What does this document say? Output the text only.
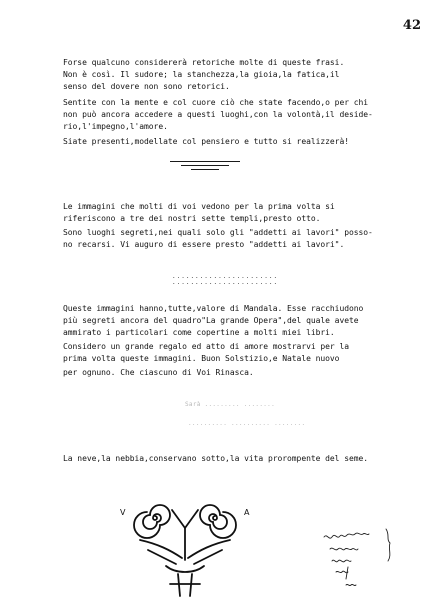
42
Forse qualcuno considererà retoriche molte di queste frasi.
Non è così. Il sudore; la stanchezza,la gioia,la fatica,il
senso del dovere non sono retorici.
Sentite con la mente e col cuore ciò che state facendo,o per chi
non può ancora accedere a questi luoghi,con la volontà,il deside-
rio,l'impegno,l'amore.
Siate presenti,modellate col pensiero e tutto si realizzerà!
Le immagini che molti di voi vedono per la prima volta si
riferiscono a tre dei nostri sette templi,presto otto.
Sono luoghi segreti,nei quali solo gli "addetti ai lavori" posso-
no recarsi. Vi auguro di essere presto "addetti ai lavori".
.......................
.......................
Queste immagini hanno,tutte,valore di Mandala. Esse racchiudono
più segreti ancora del quadro"La grande Opera",del quale avete
ammirato i particolari come copertine a molti miei libri.
Considero un grande regalo ed atto di amore mostrarvi per la
prima volta queste immagini. Buon Solstizio,e Natale nuovo
per ognuno. Che ciascuno di Voi Rinasca.
Sarà ......... ........
.......... .......... ........
La neve,la nebbia,conservano sotto,la vita prorompente del seme.
V	A
